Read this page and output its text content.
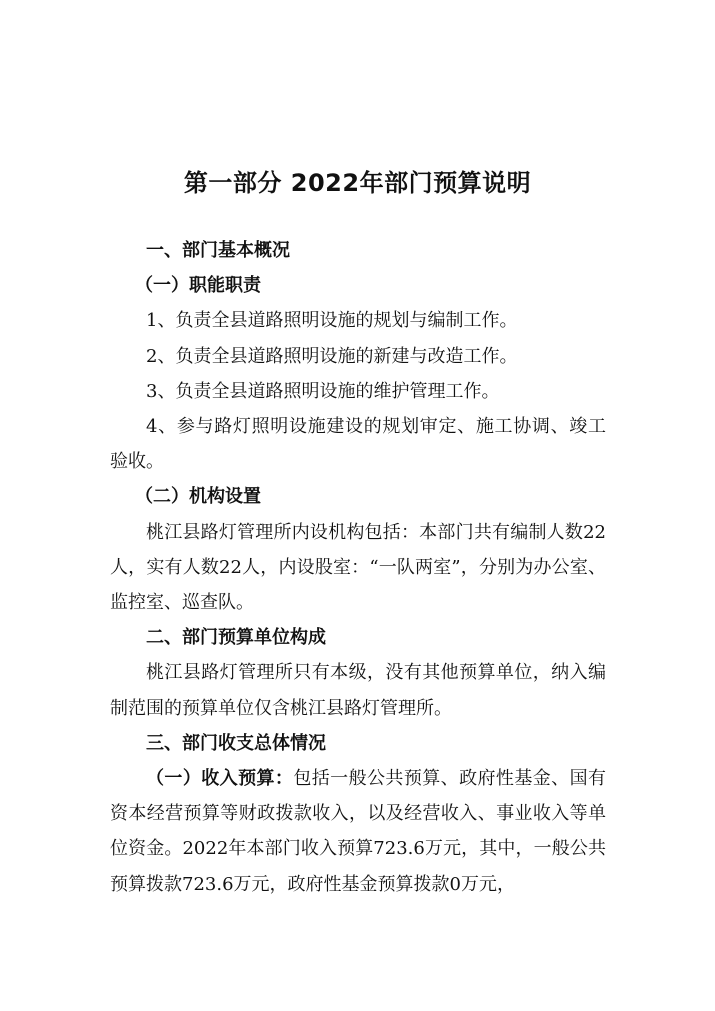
第一部分 2022年部门预算说明

一、部门基本概况

（一）职能职责

1、负责全县道路照明设施的规划与编制工作。

2、负责全县道路照明设施的新建与改造工作。

3、负责全县道路照明设施的维护管理工作。

4、参与路灯照明设施建设的规划审定、施工协调、竣工验收。

（二）机构设置

桃江县路灯管理所内设机构包括：本部门共有编制人数22人，实有人数22人，内设股室：“一队两室”，分别为办公室、监控室、巡查队。

二、部门预算单位构成

桃江县路灯管理所只有本级，没有其他预算单位，纳入编制范围的预算单位仅含桃江县路灯管理所。

三、部门收支总体情况

（一）收入预算：包括一般公共预算、政府性基金、国有资本经营预算等财政拨款收入，以及经营收入、事业收入等单位资金。2022年本部门收入预算723.6万元，其中，一般公共预算拨款723.6万元，政府性基金预算拨款0万元，
